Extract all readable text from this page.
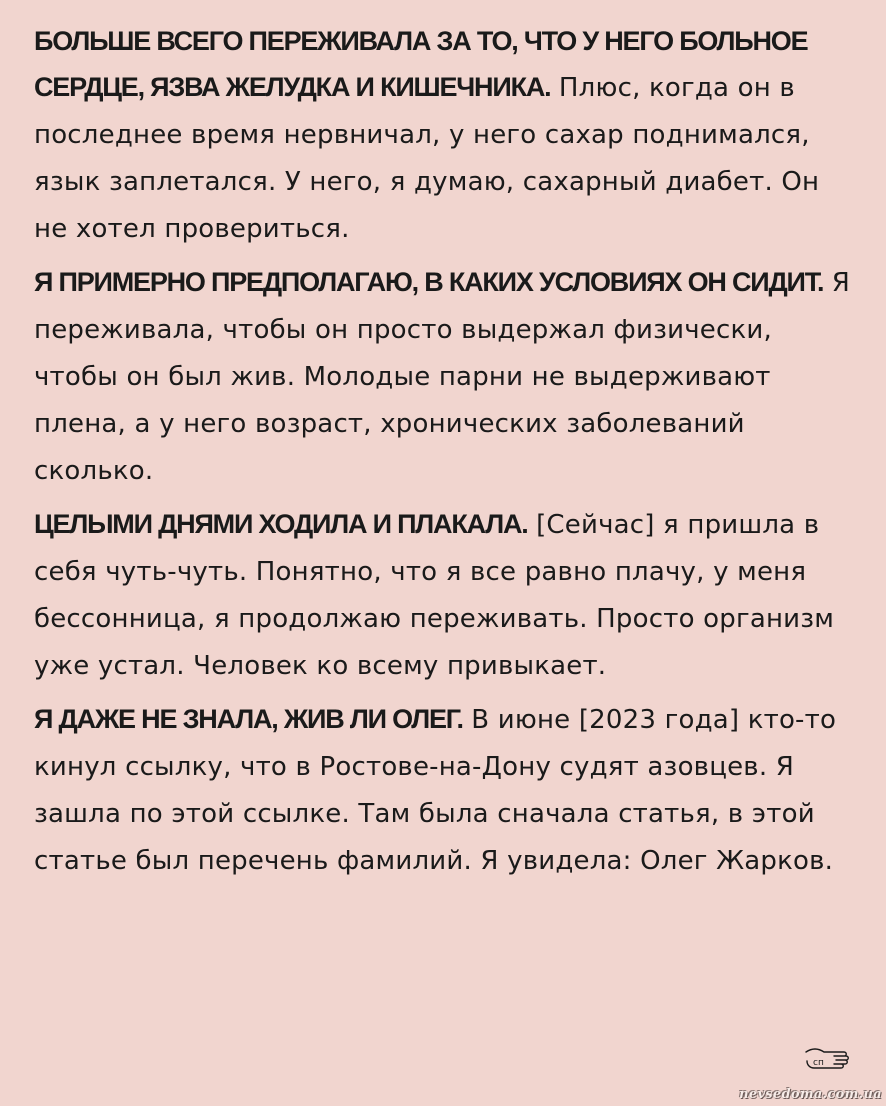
БОЛЬШЕ ВСЕГО ПЕРЕЖИВАЛА ЗА ТО, ЧТО У НЕГО БОЛЬНОЕ СЕРДЦЕ, ЯЗВА ЖЕЛУДКА И КИШЕЧНИКА. Плюс, когда он в последнее время нервничал, у него сахар поднимался, язык заплетался. У него, я думаю, сахарный диабет. Он не хотел провериться.

Я ПРИМЕРНО ПРЕДПОЛАГАЮ, В КАКИХ УСЛОВИЯХ ОН СИДИТ. Я переживала, чтобы он просто выдержал физически, чтобы он был жив. Молодые парни не выдерживают плена, а у него возраст, хронических заболеваний сколько.

ЦЕЛЫМИ ДНЯМИ ХОДИЛА И ПЛАКАЛА. [Сейчас] я пришла в себя чуть-чуть. Понятно, что я все равно плачу, у меня бессонница, я продолжаю переживать. Просто организм уже устал. Человек ко всему привыкает.

Я ДАЖЕ НЕ ЗНАЛА, ЖИВ ЛИ ОЛЕГ. В июне [2023 года] кто-то кинул ссылку, что в Ростове-на-Дону судят азовцев. Я зашла по этой ссылке. Там была сначала статья, в этой статье был перечень фамилий. Я увидела: Олег Жарков.

сп
nevsedoma.com.ua
